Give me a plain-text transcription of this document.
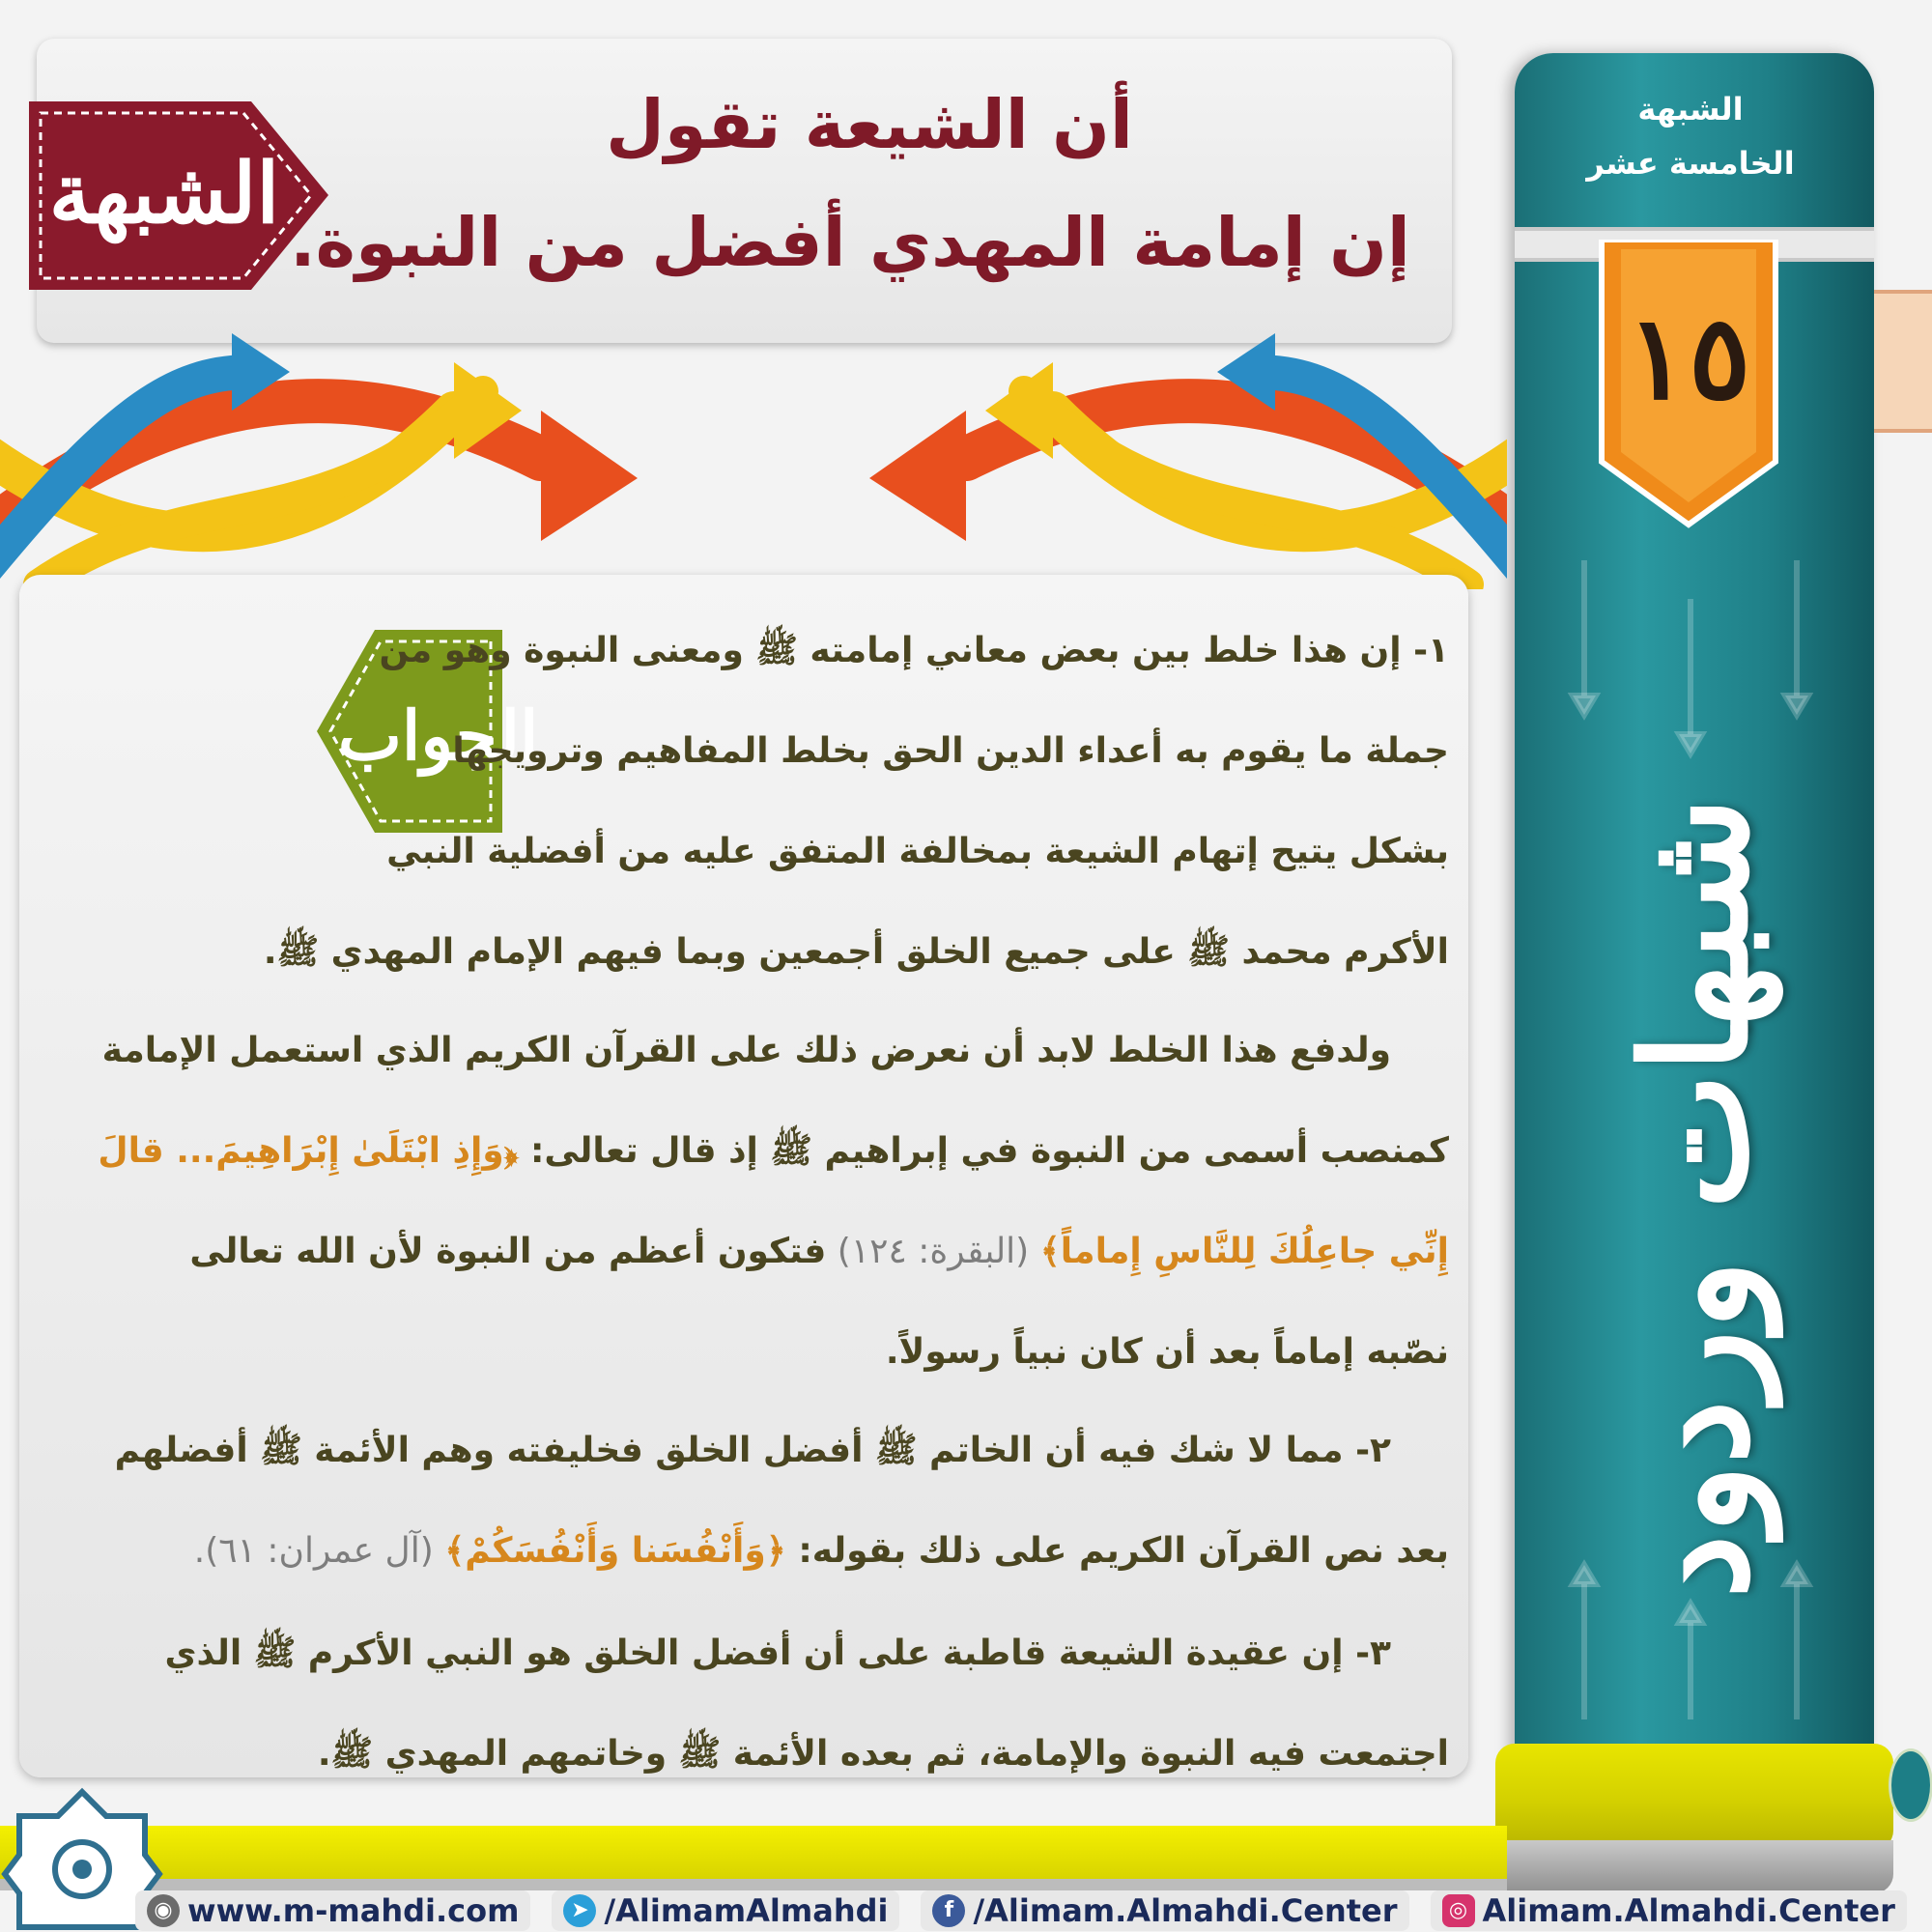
الشبهة
الخامسة عشر
١٥
شبهات وردود
الشبهة
أن الشيعة تقول
إن إمامة المهدي أفضل من النبوة.
الجواب
١- إن هذا خلط بين بعض معاني إمامته ﷺ ومعنى النبوة وهو من
جملة ما يقوم به أعداء الدين الحق بخلط المفاهيم وترويجها
بشكل يتيح إتهام الشيعة بمخالفة المتفق عليه من أفضلية النبي
الأكرم محمد ﷺ على جميع الخلق أجمعين وبما فيهم الإمام المهدي ﷺ.
ولدفع هذا الخلط لابد أن نعرض ذلك على القرآن الكريم الذي استعمل الإمامة
كمنصب أسمى من النبوة في إبراهيم ﷺ إذ قال تعالى: ﴿وَإِذِ ابْتَلَىٰ إِبْرَاهِيمَ... قالَ
إِنِّي جاعِلُكَ لِلنَّاسِ إِماماً﴾ (البقرة: ١٢٤) فتكون أعظم من النبوة لأن الله تعالى
نصّبه إماماً بعد أن كان نبياً رسولاً.
٢- مما لا شك فيه أن الخاتم ﷺ أفضل الخلق فخليفته وهم الأئمة ﷺ أفضلهم
بعد نص القرآن الكريم على ذلك بقوله: ﴿وَأَنْفُسَنا وَأَنْفُسَكُمْ﴾ (آل عمران: ٦١).
٣- إن عقيدة الشيعة قاطبة على أن أفضل الخلق هو النبي الأكرم ﷺ الذي
اجتمعت فيه النبوة والإمامة، ثم بعده الأئمة ﷺ وخاتمهم المهدي ﷺ.
◉ www.m-mahdi.com	➤ /AlimamAlmahdi	f /Alimam.Almahdi.Center	◎ Alimam.Almahdi.Center
